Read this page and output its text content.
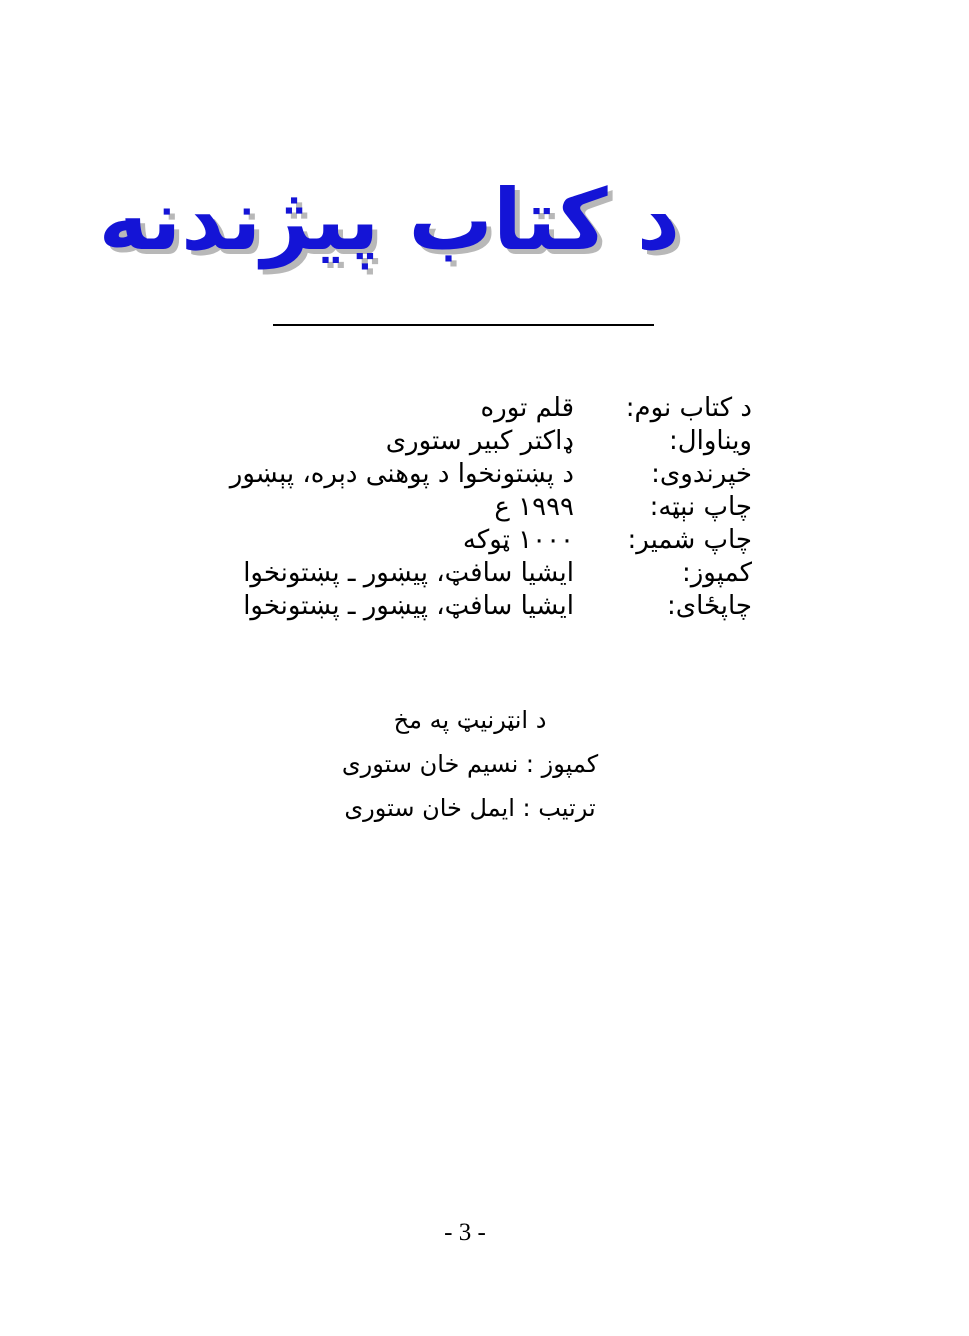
د کتاب پیژندنه
د کتاب نوم:
قلم توره
ویناوال:
ډاکتر کبیر ستوری
خپرندوی:
د پښتونخوا د پوهنی دېره، پېښور
چاپ نېټه:
۱۹۹۹ ع
چاپ شمیر:
۱۰۰۰ ټوکه
کمپوز:
ایشیا سافټ، پیښور ـ پښتونخوا
چاپځای:
ایشیا سافټ، پیښور ـ پښتونخوا
د انټرنیټ په مخ
کمپوز : نسیم خان ستوری
ترتیب : ایمل خان ستوری
- 3 -
